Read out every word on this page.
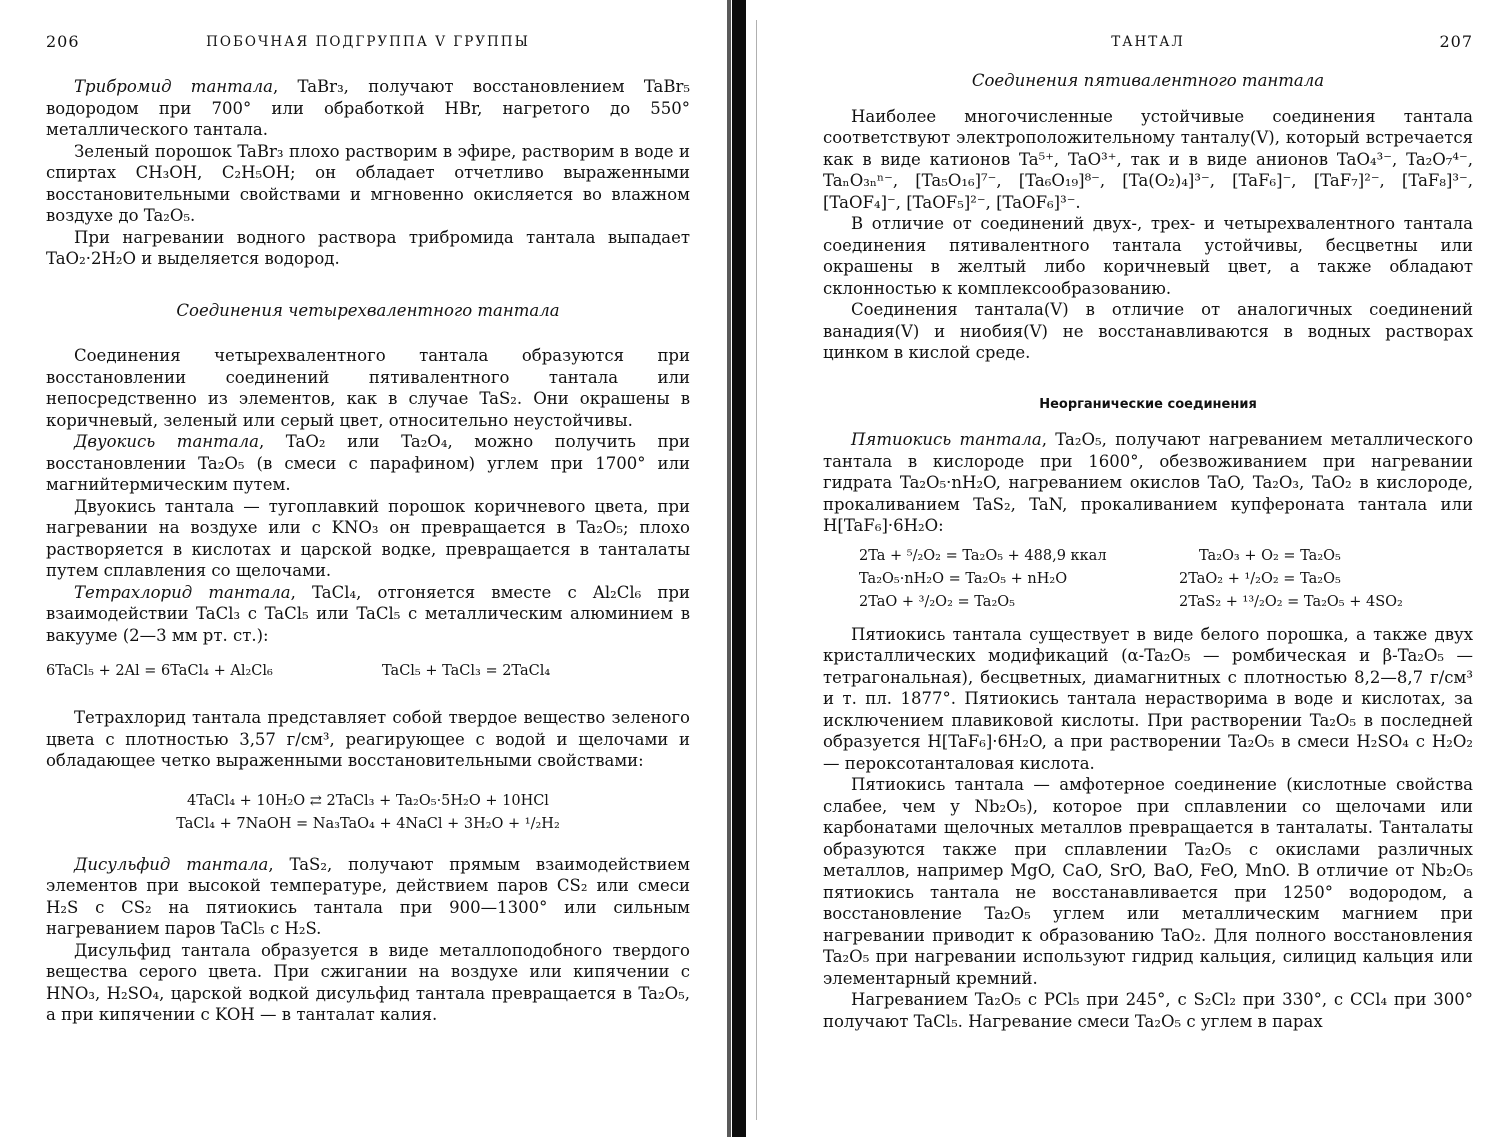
206	ПОБОЧНАЯ ПОДГРУППА V ГРУППЫ

Трибромид тантала, TaBr₃, получают восстановлением TaBr₅ водородом при 700° или обработкой HBr, нагретого до 550° металлического тантала.

Зеленый порошок TaBr₃ плохо растворим в эфире, растворим в воде и спиртах CH₃OH, C₂H₅OH; он обладает отчетливо выраженными восстановительными свойствами и мгновенно окисляется во влажном воздухе до Ta₂O₅.

При нагревании водного раствора трибромида тантала выпадает TaO₂·2H₂O и выделяется водород.

Соединения четырехвалентного тантала

Соединения четырехвалентного тантала образуются при восстановлении соединений пятивалентного тантала или непосредственно из элементов, как в случае TaS₂. Они окрашены в коричневый, зеленый или серый цвет, относительно неустойчивы.

Двуокись тантала, TaO₂ или Ta₂O₄, можно получить при восстановлении Ta₂O₅ (в смеси с парафином) углем при 1700° или магнийтермическим путем.

Двуокись тантала — тугоплавкий порошок коричневого цвета, при нагревании на воздухе или с KNO₃ он превращается в Ta₂O₅; плохо растворяется в кислотах и царской водке, превращается в танталаты путем сплавления со щелочами.

Тетрахлорид тантала, TaCl₄, отгоняется вместе с Al₂Cl₆ при взаимодействии TaCl₃ с TaCl₅ или TaCl₅ с металлическим алюминием в вакууме (2—3 мм рт. ст.):

6TaCl₅ + 2Al = 6TaCl₄ + Al₂Cl₆	TaCl₅ + TaCl₃ = 2TaCl₄

Тетрахлорид тантала представляет собой твердое вещество зеленого цвета с плотностью 3,57 г/см³, реагирующее с водой и щелочами и обладающее четко выраженными восстановительными свойствами:

4TaCl₄ + 10H₂O ⇄ 2TaCl₃ + Ta₂O₅·5H₂O + 10HCl
TaCl₄ + 7NaOH = Na₃TaO₄ + 4NaCl + 3H₂O + ¹/₂H₂

Дисульфид тантала, TaS₂, получают прямым взаимодействием элементов при высокой температуре, действием паров CS₂ или смеси H₂S с CS₂ на пятиокись тантала при 900—1300° или сильным нагреванием паров TaCl₅ с H₂S.

Дисульфид тантала образуется в виде металлоподобного твердого вещества серого цвета. При сжигании на воздухе или кипячении с HNO₃, H₂SO₄, царской водкой дисульфид тантала превращается в Ta₂O₅, а при кипячении с KOH — в танталат калия.

ТАНТАЛ	207
Соединения пятивалентного тантала

Наиболее многочисленные устойчивые соединения тантала соответствуют электроположительному танталу(V), который встречается как в виде катионов Ta⁵⁺, TaO³⁺, так и в виде анионов TaO₄³⁻, Ta₂O₇⁴⁻, TaₙO₃ₙⁿ⁻, [Ta₅O₁₆]⁷⁻, [Ta₆O₁₉]⁸⁻, [Ta(O₂)₄]³⁻, [TaF₆]⁻, [TaF₇]²⁻, [TaF₈]³⁻, [TaOF₄]⁻, [TaOF₅]²⁻, [TaOF₆]³⁻.

В отличие от соединений двух-, трех- и четырехвалентного тантала соединения пятивалентного тантала устойчивы, бесцветны или окрашены в желтый либо коричневый цвет, а также обладают склонностью к комплексообразованию.

Соединения тантала(V) в отличие от аналогичных соединений ванадия(V) и ниобия(V) не восстанавливаются в водных растворах цинком в кислой среде.

Неорганические соединения

Пятиокись тантала, Ta₂O₅, получают нагреванием металлического тантала в кислороде при 1600°, обезвоживанием при нагревании гидрата Ta₂O₅·nH₂O, нагреванием окислов TaO, Ta₂O₃, TaO₂ в кислороде, прокаливанием TaS₂, TaN, прокаливанием купфероната тантала или H[TaF₆]·6H₂O:

2Ta + ⁵/₂O₂ = Ta₂O₅ + 488,9 ккал	Ta₂O₃ + O₂ = Ta₂O₅
Ta₂O₅·nH₂O = Ta₂O₅ + nH₂O	2TaO₂ + ¹/₂O₂ = Ta₂O₅
2TaO + ³/₂O₂ = Ta₂O₅	2TaS₂ + ¹³/₂O₂ = Ta₂O₅ + 4SO₂

Пятиокись тантала существует в виде белого порошка, а также двух кристаллических модификаций (α-Ta₂O₅ — ромбическая и β-Ta₂O₅ — тетрагональная), бесцветных, диамагнитных с плотностью 8,2—8,7 г/см³ и т. пл. 1877°. Пятиокись тантала нерастворима в воде и кислотах, за исключением плавиковой кислоты. При растворении Ta₂O₅ в последней образуется H[TaF₆]·6H₂O, а при растворении Ta₂O₅ в смеси H₂SO₄ с H₂O₂ — пероксотанталовая кислота.

Пятиокись тантала — амфотерное соединение (кислотные свойства слабее, чем у Nb₂O₅), которое при сплавлении со щелочами или карбонатами щелочных металлов превращается в танталаты. Танталаты образуются также при сплавлении Ta₂O₅ с окислами различных металлов, например MgO, CaO, SrO, BaO, FeO, MnO. В отличие от Nb₂O₅ пятиокись тантала не восстанавливается при 1250° водородом, а восстановление Ta₂O₅ углем или металлическим магнием при нагревании приводит к образованию TaO₂. Для полного восстановления Ta₂O₅ при нагревании используют гидрид кальция, силицид кальция или элементарный кремний.

Нагреванием Ta₂O₅ с PCl₅ при 245°, с S₂Cl₂ при 330°, с CCl₄ при 300° получают TaCl₅. Нагревание смеси Ta₂O₅ с углем в парах
